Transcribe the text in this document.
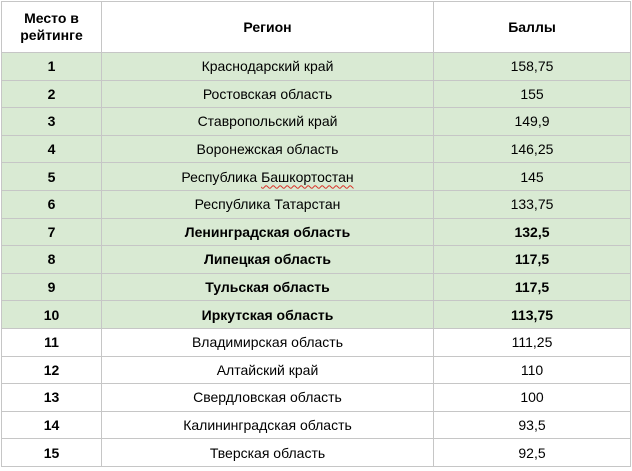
Место в рейтинге	Регион	Баллы
1	Краснодарский край	158,75
2	Ростовская область	155
3	Ставропольский край	149,9
4	Воронежская область	146,25
5	Республика Башкортостан	145
6	Республика Татарстан	133,75
7	Ленинградская область	132,5
8	Липецкая область	117,5
9	Тульская область	117,5
10	Иркутская область	113,75
11	Владимирская область	111,25
12	Алтайский край	110
13	Свердловская область	100
14	Калининградская область	93,5
15	Тверская область	92,5
